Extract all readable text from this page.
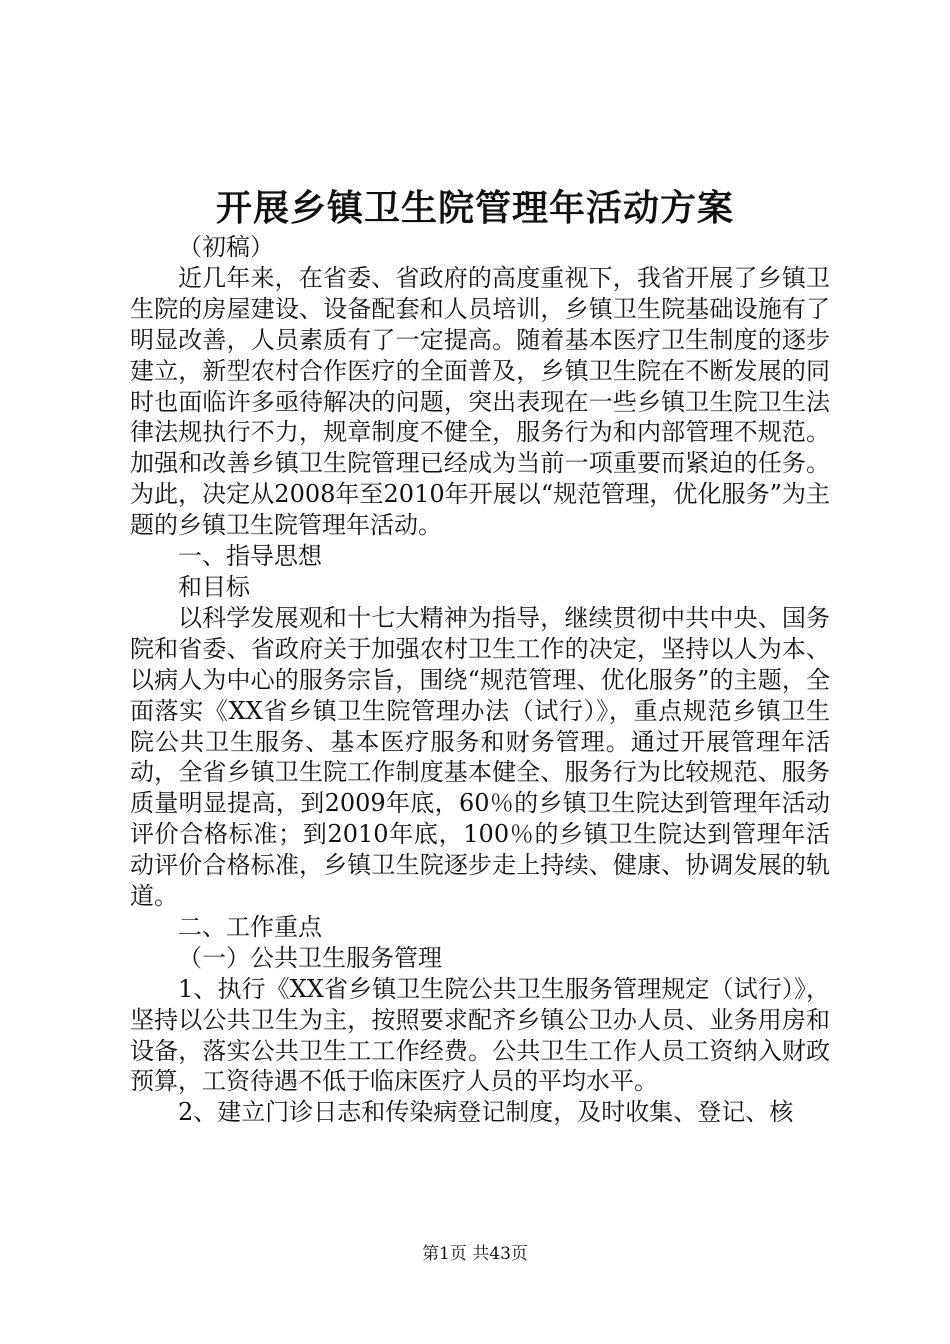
开展乡镇卫生院管理年活动方案

（初稿）

近几年来，在省委、省政府的高度重视下，我省开展了乡镇卫生院的房屋建设、设备配套和人员培训，乡镇卫生院基础设施有了明显改善，人员素质有了一定提高。随着基本医疗卫生制度的逐步建立，新型农村合作医疗的全面普及，乡镇卫生院在不断发展的同时也面临许多亟待解决的问题，突出表现在一些乡镇卫生院卫生法律法规执行不力，规章制度不健全，服务行为和内部管理不规范。加强和改善乡镇卫生院管理已经成为当前一项重要而紧迫的任务。为此，决定从2008年至2010年开展以“规范管理，优化服务”为主题的乡镇卫生院管理年活动。

一、指导思想

和目标

以科学发展观和十七大精神为指导，继续贯彻中共中央、国务院和省委、省政府关于加强农村卫生工作的决定，坚持以人为本、以病人为中心的服务宗旨，围绕“规范管理、优化服务”的主题，全面落实《XX省乡镇卫生院管理办法（试行）》，重点规范乡镇卫生院公共卫生服务、基本医疗服务和财务管理。通过开展管理年活动，全省乡镇卫生院工作制度基本健全、服务行为比较规范、服务质量明显提高，到2009年底，60％的乡镇卫生院达到管理年活动评价合格标准；到2010年底，100％的乡镇卫生院达到管理年活动评价合格标准，乡镇卫生院逐步走上持续、健康、协调发展的轨道。

二、工作重点

（一）公共卫生服务管理

1、执行《XX省乡镇卫生院公共卫生服务管理规定（试行）》，坚持以公共卫生为主，按照要求配齐乡镇公卫办人员、业务用房和设备，落实公共卫生工工作经费。公共卫生工作人员工资纳入财政预算，工资待遇不低于临床医疗人员的平均水平。

2、建立门诊日志和传染病登记制度，及时收集、登记、核

第1页 共43页
